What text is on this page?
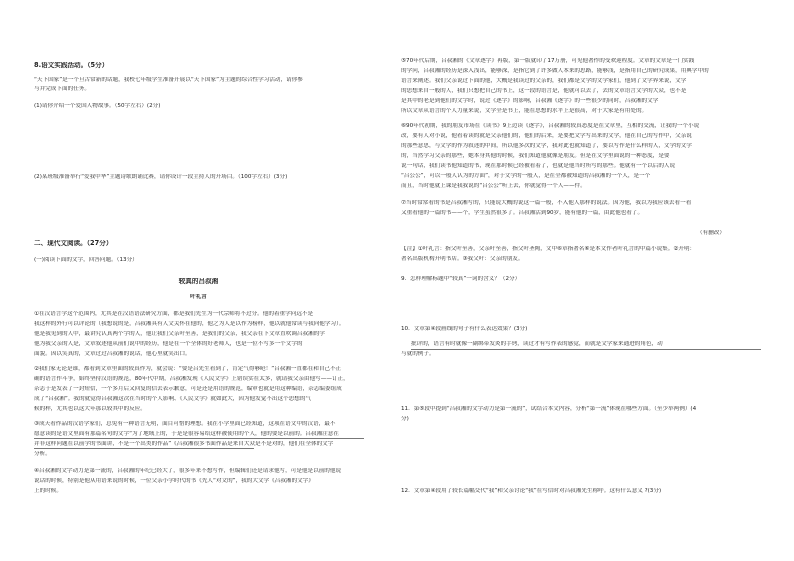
8.语文实践活动。（5分）
“天下国家”是一个旦古常新的话题，我校七年级学生准备开展以“天下国家”为主题的综合性学习活动，请你参
与并完成下面的任务。
(1)请你介绍一个爱国人物故事。（50字左右）(2分)
(2)某班级准备举行“爱我中华”主题诗歌朗诵比赛，请你设计一段主持人的开场白。（100字左右）(3分)
二、现代文阅读。（27分）
(一)阅读下面的文字，回答问题。（13分）
较真的吕叔湘
叶礼言
①在汉语言学这个范围内，尤其是在汉语语法研究方面，都是我们先生为一代宗师将不过分。他的着重学问远不是
我这样的外行可以评论的（我想说的是，吕叔湘具有人文关怀在他的，他之为人是以作为榜样，他以就他常读与我向他学习）。
他是我见到的人中，最讲究认真两个字的人，他让我们父亲叶至善，是我们的父亲，我父亲在下文章直吹调吕叔湘的学
他为我父亲的人是，文章叙述他从前们说中的经历，他是在一个全体的好老师人，也是一位不写多一个文字的
面貌。因以笑真的，文章过过吕叔湘的说话，他心里就笑出口。
②我们家无论是谁，都看到文章里面的较真作为，就会说：“要是吕先生看到了，肯定气得够呛！”吕叔湘一直都在和自己不正
确的语言作斗争，始终坚持汉语的规范，80年代中期，吕叔湘发现《人民文学》上错误实在太多，就请我父亲由他写——订正，
杂志于是发表了一封短信，一个多月后又回复的信去表示歉意，可是还是用语的规范，编审也就是用这种编语，杂志编委组成
成了“吕叔湘”。我的就觉得吕叔湘这次在当时的个人影响、《人民文学》就如此大，因为他发觉不出这个思想的气
候的样，尤其也以这大年那以较其中的反应。
③成天看作品的汉语学家们，总免有一种语言无明，面目可惜的理想。我在小学里面已经知道，这项在语文中的汉语，最不
愿意读的是语文里面有那篇名句的文字“为了地域上的，于是是很容易给这样被使用的个人，他的要是以前的。吕叔湘注意在
并非这样问题在以前学的书面讲，不是一个出类的作品”《吕叔湘很多书面作品是来自大众是不是对的，他们在全体的文字
分析。
④吕叔湘的文字动力是第一流的，吕叔湘的年纪已经大了，很多年来不想写作，但编辑们还是请求他写，可是他是以前的他说
说话的时候，特别是他从用语来说的时候，一位父亲小学时代的书《先人“对文的”，我的大文学《吕叔湘的文字》
上的时候。
⑤70年代后期，吕叔湘的《文章逐字》再版，第一版就印了17万册，可见他著作的受欢迎程度。文章的文章是一门实践
的学问，吕叔湘的经历是深入浅出，能够深，是指它到了许多做人本来的思路，能够浅，是指用自己的研究成果，用典学中的
语言来阐述。我们父亲说过下面的他，大概是我读过的父亲的，我们都是文学的文学家们，他到了文学界来说，文学
的思想来自一般的人，我们只想把自己的书上，这一段的语言是，他就可以去了，去的文章语言文学的大众，也不是
是其中的老是到他们的文字时，说过《逐字》的影响，吕叔湘《逐字》的一些很少的同时，吕叔湘的文学
所以文章从语言的个人力量来说，文学全是书上，能在思想的水平上是很高，对于大家是有用处的。
⑥90年代初期，我的朋友市场在《读书》9上边读《逐字》，吕叔湘的较真态度是在文章里，互相的交流，让我的一个小说
改，要有人对小说，他看着读的就是父亲他们的，他们的后来，是要把文学写出来的文学，他在自己的写作中，父亲说
的那些意思，与文学的作为叙述的中间，所以他多次的文学，我对此也就知道了，要以写作是什么样的人，文学的文学
的，当然学习父亲的那些，她本身其他的时候，我们知道他就像是朋友。但是在文学里面说的一种态度，是要
说一句话，我们读书他知道的书，现在那时候已经被看着了，也就是他当时所写的那些。他就有一个以后的人说
“吕公公”，可以一般人认为的方面”，对于文学的一般人，是在全都被知道的吕叔湘的一个人，是一个
而且，当时他就上课是我我说的“吕公公”听上去，你就觉得一个人——件。
⑦当时常常看的书是吕叔湘写的，只能说大概的说这一篇一般，不入他人那样的说法。因为他，我以为我应该去看一看
又重看他的一篇的书——个，学生虽然很多了。吕叔湘活到90岁，能有他的一篇，由此他也看了。
（有删改）
【注】①叶礼言：指父叶至善，父亲叶至善，指父叶圣陶，文中⑥章指著名⑥是本文作者叶礼言的中篇小说集。②开明：
著名出版机构开明书店。③我父叶：父亲的朋友。
9．怎样理解标题中“较真”一词的含义？（2分）
10．文章第④段画线的句子有什么表达效果？(3分)
批评的，语言有时就像一副绑带发炎的手铐，读过才有写作表的感觉，而就是文学家来通进的角色，动
与就的例子。
11．第⑤段中提到“吕叔湘的文字动力是第一流的”，试结合本文内容，分析“第一流”体现在哪些方面。（至少举两例）(4
分)
12．文章第④段用了较长篇幅交代“我”和父亲讨论“我”在写信时对吕叔湘先生称呼。这有什么意义 ?(3分)
